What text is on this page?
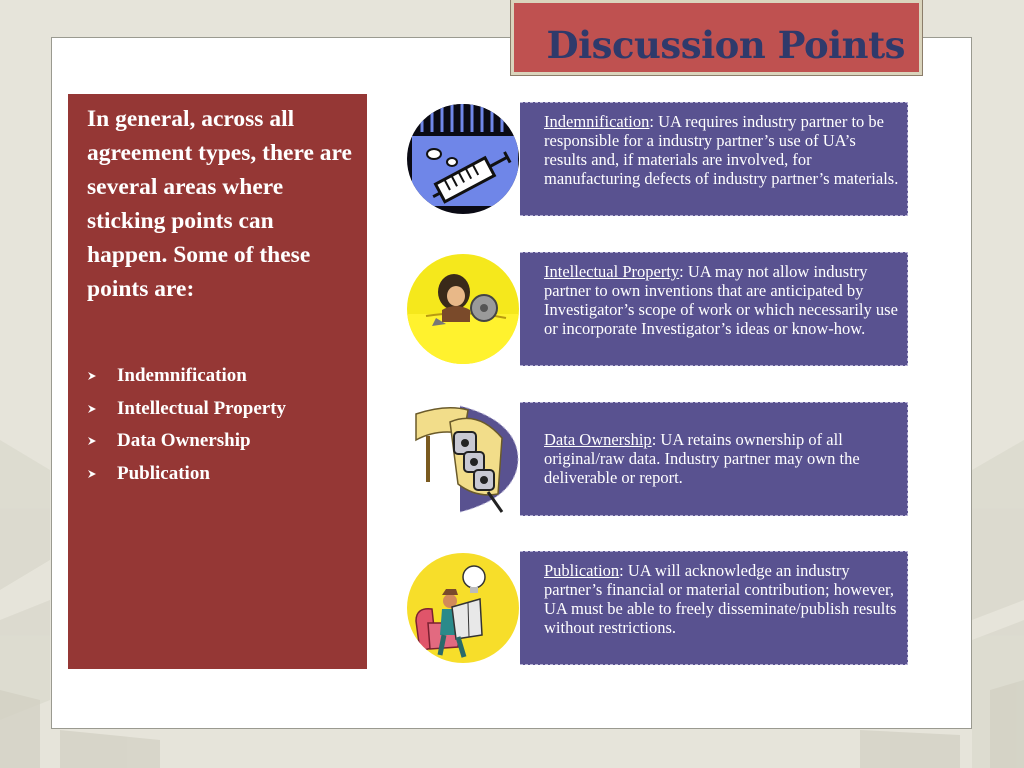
Discussion Points

In general, across all agreement types, there are several areas where sticking points can happen. Some of these points are:

Indemnification
Intellectual Property
Data Ownership
Publication
Indemnification: UA requires industry partner to be responsible for a industry partner’s use of UA’s results and, if materials are involved, for manufacturing defects of industry partner’s materials.
Intellectual Property: UA may not allow industry partner to own inventions that are anticipated by Investigator’s scope of work or which necessarily use or incorporate Investigator’s ideas or know-how.
Data Ownership: UA retains ownership of all original/raw data. Industry partner may own the deliverable or report.
Publication: UA will acknowledge an industry partner’s financial or material contribution; however, UA must be able to freely disseminate/publish results without restrictions.
